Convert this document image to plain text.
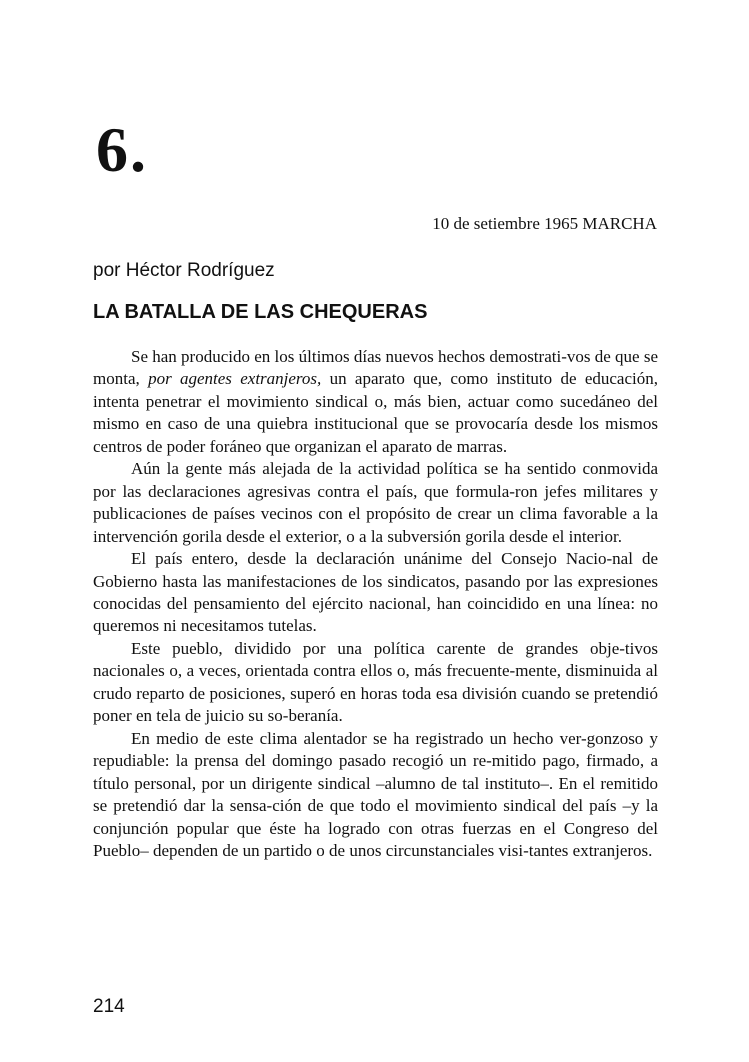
6.
10 de setiembre 1965 MARCHA
por Héctor Rodríguez
LA BATALLA DE LAS CHEQUERAS

Se han producido en los últimos días nuevos hechos demostrati-vos de que se monta, por agentes extranjeros, un aparato que, como instituto de educación, intenta penetrar el movimiento sindical o, más bien, actuar como sucedáneo del mismo en caso de una quiebra institucional que se provocaría desde los mismos centros de poder foráneo que organizan el aparato de marras.

Aún la gente más alejada de la actividad política se ha sentido conmovida por las declaraciones agresivas contra el país, que formula-ron jefes militares y publicaciones de países vecinos con el propósito de crear un clima favorable a la intervención gorila desde el exterior, o a la subversión gorila desde el interior.

El país entero, desde la declaración unánime del Consejo Nacio-nal de Gobierno hasta las manifestaciones de los sindicatos, pasando por las expresiones conocidas del pensamiento del ejército nacional, han coincidido en una línea: no queremos ni necesitamos tutelas.

Este pueblo, dividido por una política carente de grandes obje-tivos nacionales o, a veces, orientada contra ellos o, más frecuente-mente, disminuida al crudo reparto de posiciones, superó en horas toda esa división cuando se pretendió poner en tela de juicio su so-beranía.

En medio de este clima alentador se ha registrado un hecho ver-gonzoso y repudiable: la prensa del domingo pasado recogió un re-mitido pago, firmado, a título personal, por un dirigente sindical –alumno de tal instituto–. En el remitido se pretendió dar la sensa-ción de que todo el movimiento sindical del país –y la conjunción popular que éste ha logrado con otras fuerzas en el Congreso del Pueblo– dependen de un partido o de unos circunstanciales visi-tantes extranjeros.

214
